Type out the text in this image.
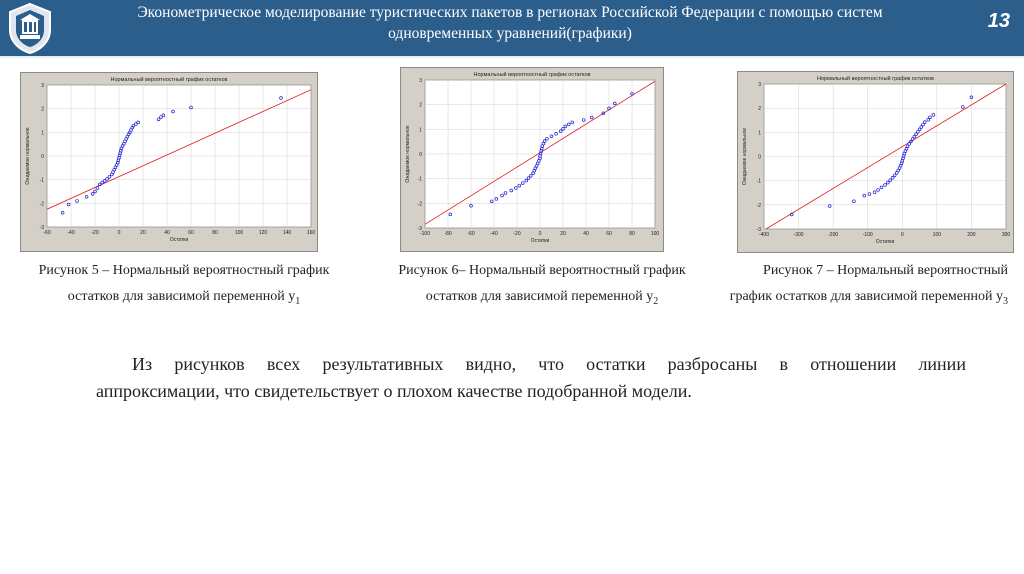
Эконометрическое моделирование туристических пакетов в регионах Российской Федерации с помощью систем
одновременных уравнений(графики)
13
Нормальный вероятностный график остатков
-60	-40	-20	0	20	40	60	80	100	120	140	160
3
2
1
0
-1
-2
-3
Остатки
Ожидаемое нормальное
Нормальный вероятностный график остатков
-100	-80	-60	-40	-20	0	20	40	60	80	100
3
2
1
0
-1
-2
-3
Остатки
Ожидаемое нормальное
Нормальный вероятностный график остатков
-400	-300	-200	-100	0	100	200	300
3
2
1
0
-1
-2
-3
Остатки
Ожидаемое нормальное
Рисунок 5 – Нормальный вероятностный график
остатков для зависимой переменной $y_1$
Рисунок 6– Нормальный вероятностный график
остатков для зависимой переменной $y_2$
Рисунок 7 – Нормальный вероятностный
график остатков для зависимой переменной $y_3$
Из рисунков всех результативных видно, что остатки разбросаны в отношении линии
аппроксимации, что свидетельствует о плохом качестве подобранной модели.
